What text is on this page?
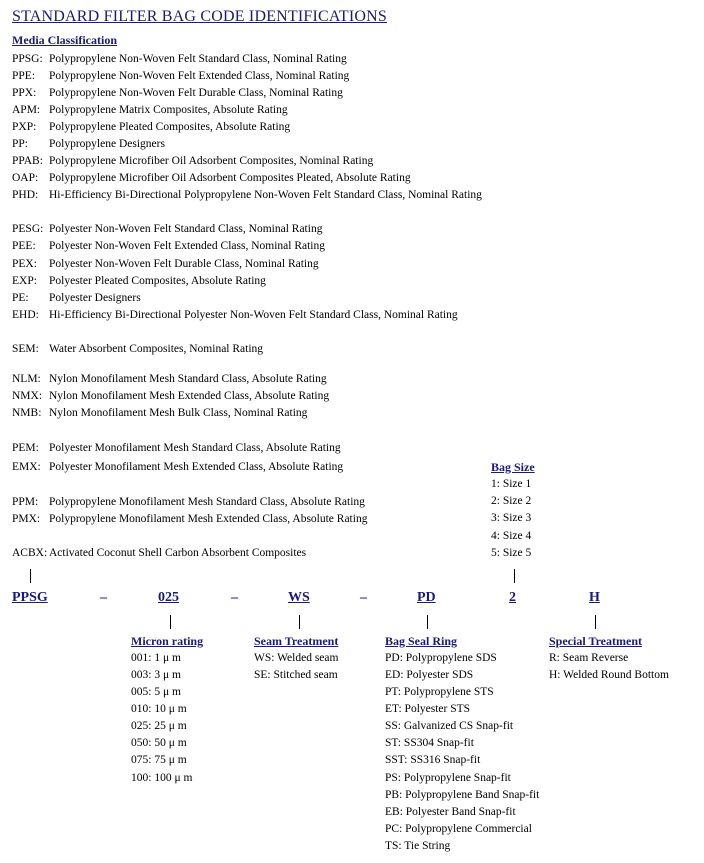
STANDARD FILTER BAG CODE IDENTIFICATIONS
Media Classification
PPSG: Polypropylene Non-Woven Felt Standard Class, Nominal Rating
PPE: Polypropylene Non-Woven Felt Extended Class, Nominal Rating
PPX: Polypropylene Non-Woven Felt Durable Class, Nominal Rating
APM: Polypropylene Matrix Composites, Absolute Rating
PXP: Polypropylene Pleated Composites, Absolute Rating
PP: Polypropylene Designers
PPAB: Polypropylene Microfiber Oil Adsorbent Composites, Nominal Rating
OAP: Polypropylene Microfiber Oil Adsorbent Composites Pleated, Absolute Rating
PHD: Hi-Efficiency Bi-Directional Polypropylene Non-Woven Felt Standard Class, Nominal Rating
PESG: Polyester Non-Woven Felt Standard Class, Nominal Rating
PEE: Polyester Non-Woven Felt Extended Class, Nominal Rating
PEX: Polyester Non-Woven Felt Durable Class, Nominal Rating
EXP: Polyester Pleated Composites, Absolute Rating
PE: Polyester Designers
EHD: Hi-Efficiency Bi-Directional Polyester Non-Woven Felt Standard Class, Nominal Rating
SEM: Water Absorbent Composites, Nominal Rating
NLM: Nylon Monofilament Mesh Standard Class, Absolute Rating
NMX: Nylon Monofilament Mesh Extended Class, Absolute Rating
NMB: Nylon Monofilament Mesh Bulk Class, Nominal Rating
PEM: Polyester Monofilament Mesh Standard Class, Absolute Rating
EMX: Polyester Monofilament Mesh Extended Class, Absolute Rating
PPM: Polypropylene Monofilament Mesh Standard Class, Absolute Rating
PMX: Polypropylene Monofilament Mesh Extended Class, Absolute Rating
ACBX: Activated Coconut Shell Carbon Absorbent Composites
Bag Size
1: Size 1
2: Size 2
3: Size 3
4: Size 4
5: Size 5
PPSG	–	025	–	WS	–	PD	2	H
Micron rating
001: 1 μ m
003: 3 μ m
005: 5 μ m
010: 10 μ m
025: 25 μ m
050: 50 μ m
075: 75 μ m
100: 100 μ m
Seam Treatment
WS: Welded seam
SE: Stitched seam
Bag Seal Ring
PD: Polypropylene SDS
ED: Polyester SDS
PT: Polypropylene STS
ET: Polyester STS
SS: Galvanized CS Snap-fit
ST: SS304 Snap-fit
SST: SS316 Snap-fit
PS: Polypropylene Snap-fit
PB: Polypropylene Band Snap-fit
EB: Polyester Band Snap-fit
PC: Polypropylene Commercial
TS: Tie String
Special Treatment
R: Seam Reverse
H: Welded Round Bottom
